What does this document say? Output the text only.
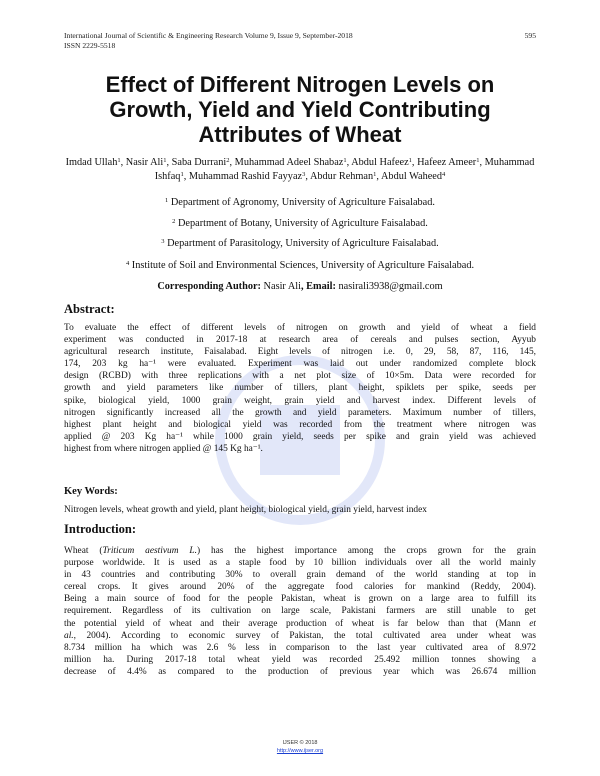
International Journal of Scientific & Engineering Research Volume 9, Issue 9, September-2018
ISSN 2229-5518
595
Effect of Different Nitrogen Levels on
Growth, Yield and Yield Contributing
Attributes of Wheat
Imdad Ullah$^1$, Nasir Ali$^1$, Saba Durrani$^2$, Muhammad Adeel Shabaz$^1$, Abdul Hafeez$^1$, Hafeez Ameer$^1$, Muhammad Ishfaq$^1$, Muhammad Rashid Fayyaz$^3$, Abdur Rehman$^1$, Abdul Waheed$^4$
$^1$ Department of Agronomy, University of Agriculture Faisalabad.
$^2$ Department of Botany, University of Agriculture Faisalabad.
$^3$ Department of Parasitology, University of Agriculture Faisalabad.
$^4$ Institute of Soil and Environmental Sciences, University of Agriculture Faisalabad.
Corresponding Author: Nasir Ali, Email: nasirali3938@gmail.com
Abstract:
To evaluate the effect of different levels of nitrogen on growth and yield of wheat a field
experiment was conducted in 2017-18 at research area of cereals and pulses section, Ayyub
agricultural research institute, Faisalabad. Eight levels of nitrogen i.e. 0, 29, 58, 87, 116, 145,
174, 203 kg ha⁻¹ were evaluated. Experiment was laid out under randomized complete block
design (RCBD) with three replications with a net plot size of 10×5m. Data were recorded for
growth and yield parameters like number of tillers, plant height, spiklets per spike, seeds per
spike, biological yield, 1000 grain weight, grain yield and harvest index. Different levels of
nitrogen significantly increased all the growth and yield parameters. Maximum number of tillers,
highest plant height and biological yield was recorded from the treatment where nitrogen was
applied @ 203 Kg ha⁻¹ while 1000 grain yield, seeds per spike and grain yield was achieved
highest from where nitrogen applied @ 145 Kg ha⁻¹.
Key Words:
Nitrogen levels, wheat growth and yield, plant height, biological yield, grain yield, harvest index
Introduction:
Wheat (Triticum aestivum L.) has the highest importance among the crops grown for the grain
purpose worldwide. It is used as a staple food by 10 billion individuals over all the world mainly
in 43 countries and contributing 30% to overall grain demand of the world standing at top in
cereal crops. It gives around 20% of the aggregate food calories for mankind (Reddy, 2004).
Being a main source of food for the people Pakistan, wheat is grown on a large area to fulfill its
requirement. Regardless of its cultivation on large scale, Pakistani farmers are still unable to get
the potential yield of wheat and their average production of wheat is far below than that (Mann et
al., 2004). According to economic survey of Pakistan, the total cultivated area under wheat was
8.734 million ha which was 2.6 % less in comparison to the last year cultivated area of 8.972
million ha. During 2017-18 total wheat yield was recorded 25.492 million tonnes showing a
decrease of 4.4% as compared to the production of previous year which was 26.674 million
IJSER © 2018
http://www.ijser.org
